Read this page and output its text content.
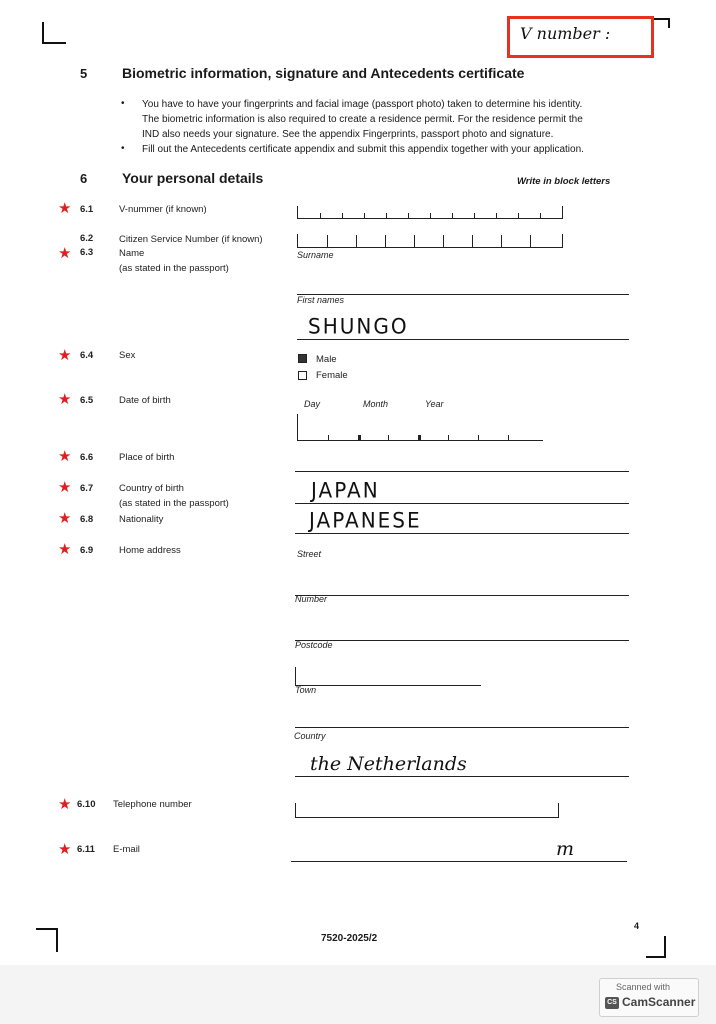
V number :
5 Biometric information, signature and Antecedents certificate
• You have to have your fingerprints and facial image (passport photo) taken to determine his identity.
The biometric information is also required to create a residence permit. For the residence permit the
IND also needs your signature. See the appendix Fingerprints, passport photo and signature.
• Fill out the Antecedents certificate appendix and submit this appendix together with your application.
6 Your personal details	Write in block letters
★ 6.1	V-nummer (if known)
6.2	Citizen Service Number (if known)
★ 6.3	Name
(as stated in the passport)
Surname
First names
SHUNGO
★ 6.4	Sex	Male
Female
★ 6.5	Date of birth	Day	Month	Year
★ 6.6	Place of birth
★ 6.7	Country of birth
(as stated in the passport)
JAPAN
★ 6.8	Nationality	JAPANESE
★ 6.9	Home address	Street
Number
Postcode
Town
Country
the Netherlands
★ 6.10 Telephone number
★ 6.11 E-mail	m
7520-2025/2
4
Scanned with
CS CamScanner
